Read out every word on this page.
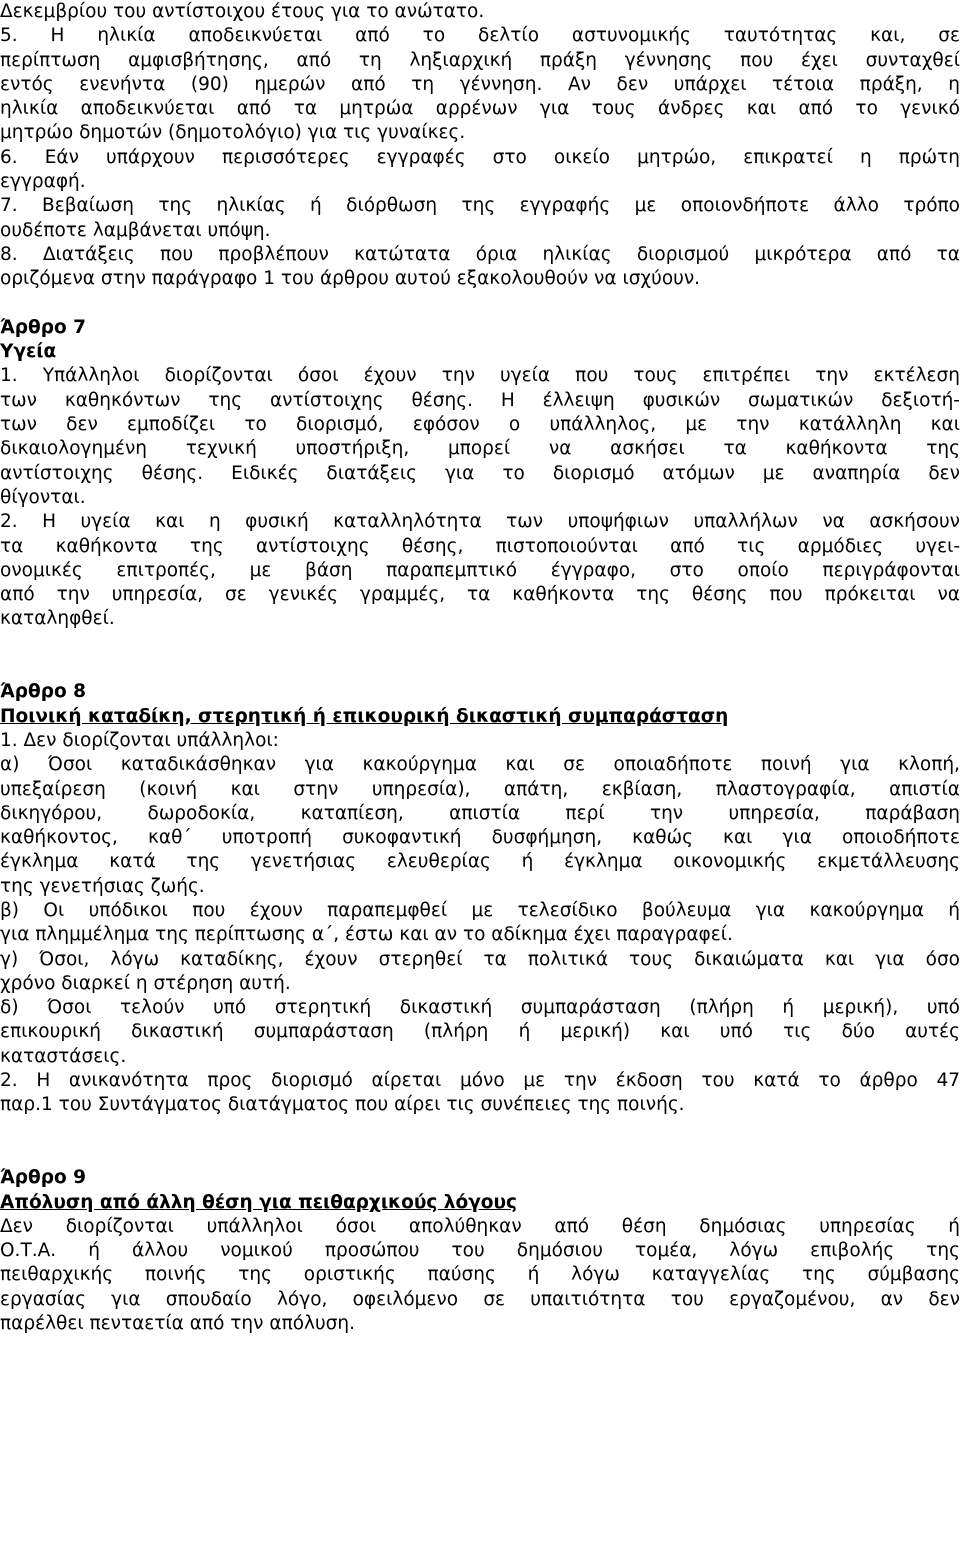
Δεκεμβρίου του αντίστοιχου έτους για το ανώτατο.
5. Η ηλικία αποδεικνύεται από το δελτίο αστυνομικής ταυτότητας και, σε
περίπτωση αμφισβήτησης, από τη ληξιαρχική πράξη γέννησης που έχει συνταχθεί
εντός ενενήντα (90) ημερών από τη γέννηση. Αν δεν υπάρχει τέτοια πράξη, η
ηλικία αποδεικνύεται από τα μητρώα αρρένων για τους άνδρες και από το γενικό
μητρώο δημοτών (δημοτολόγιο) για τις γυναίκες.
6. Εάν υπάρχουν περισσότερες εγγραφές στο οικείο μητρώο, επικρατεί η πρώτη
εγγραφή.
7. Βεβαίωση της ηλικίας ή διόρθωση της εγγραφής με οποιονδήποτε άλλο τρόπο
ουδέποτε λαμβάνεται υπόψη.
8. Διατάξεις που προβλέπουν κατώτατα όρια ηλικίας διορισμού μικρότερα από τα
οριζόμενα στην παράγραφο 1 του άρθρου αυτού εξακολουθούν να ισχύουν.
Άρθρο 7
Υγεία
1. Υπάλληλοι διορίζονται όσοι έχουν την υγεία που τους επιτρέπει την εκτέλεση
των καθηκόντων της αντίστοιχης θέσης. Η έλλειψη φυσικών σωματικών δεξιοτή-
των δεν εμποδίζει το διορισμό, εφόσον ο υπάλληλος, με την κατάλληλη και
δικαιολογημένη τεχνική υποστήριξη, μπορεί να ασκήσει τα καθήκοντα της
αντίστοιχης θέσης. Ειδικές διατάξεις για το διορισμό ατόμων με αναπηρία δεν
θίγονται.
2. Η υγεία και η φυσική καταλληλότητα των υποψήφιων υπαλλήλων να ασκήσουν
τα καθήκοντα της αντίστοιχης θέσης, πιστοποιούνται από τις αρμόδιες υγει-
ονομικές επιτροπές, με βάση παραπεμπτικό έγγραφο, στο οποίο περιγράφονται
από την υπηρεσία, σε γενικές γραμμές, τα καθήκοντα της θέσης που πρόκειται να
καταληφθεί.
Άρθρο 8
Ποινική καταδίκη, στερητική ή επικουρική δικαστική συμπαράσταση
1. Δεν διορίζονται υπάλληλοι:
α) Όσοι καταδικάσθηκαν για κακούργημα και σε οποιαδήποτε ποινή για κλοπή,
υπεξαίρεση (κοινή και στην υπηρεσία), απάτη, εκβίαση, πλαστογραφία, απιστία
δικηγόρου, δωροδοκία, καταπίεση, απιστία περί την υπηρεσία, παράβαση
καθήκοντος, καθ΄ υποτροπή συκοφαντική δυσφήμηση, καθώς και για οποιοδήποτε
έγκλημα κατά της γενετήσιας ελευθερίας ή έγκλημα οικονομικής εκμετάλλευσης
της γενετήσιας ζωής.
β) Οι υπόδικοι που έχουν παραπεμφθεί με τελεσίδικο βούλευμα για κακούργημα ή
για πλημμέλημα της περίπτωσης α΄, έστω και αν το αδίκημα έχει παραγραφεί.
γ) Όσοι, λόγω καταδίκης, έχουν στερηθεί τα πολιτικά τους δικαιώματα και για όσο
χρόνο διαρκεί η στέρηση αυτή.
δ) Όσοι τελούν υπό στερητική δικαστική συμπαράσταση (πλήρη ή μερική), υπό
επικουρική δικαστική συμπαράσταση (πλήρη ή μερική) και υπό τις δύο αυτές
καταστάσεις.
2. Η ανικανότητα προς διορισμό αίρεται μόνο με την έκδοση του κατά το άρθρο 47
παρ.1 του Συντάγματος διατάγματος που αίρει τις συνέπειες της ποινής.
Άρθρο 9
Απόλυση από άλλη θέση για πειθαρχικούς λόγους
Δεν διορίζονται υπάλληλοι όσοι απολύθηκαν από θέση δημόσιας υπηρεσίας ή
Ο.Τ.Α. ή άλλου νομικού προσώπου του δημόσιου τομέα, λόγω επιβολής της
πειθαρχικής ποινής της οριστικής παύσης ή λόγω καταγγελίας της σύμβασης
εργασίας για σπουδαίο λόγο, οφειλόμενο σε υπαιτιότητα του εργαζομένου, αν δεν
παρέλθει πενταετία από την απόλυση.
